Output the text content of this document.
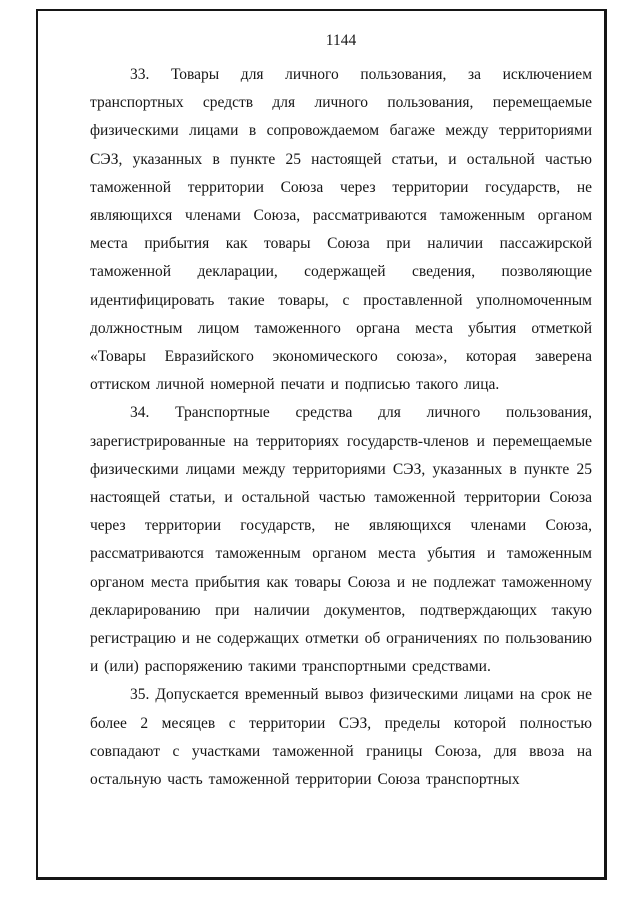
1144

33. Товары для личного пользования, за исключением транспортных средств для личного пользования, перемещаемые физическими лицами в сопровождаемом багаже между территориями СЭЗ, указанных в пункте 25 настоящей статьи, и остальной частью таможенной территории Союза через территории государств, не являющихся членами Союза, рассматриваются таможенным органом места прибытия как товары Союза при наличии пассажирской таможенной декларации, содержащей сведения, позволяющие идентифицировать такие товары, с проставленной уполномоченным должностным лицом таможенного органа места убытия отметкой «Товары Евразийского экономического союза», которая заверена оттиском личной номерной печати и подписью такого лица.

34. Транспортные средства для личного пользования, зарегистрированные на территориях государств-членов и перемещаемые физическими лицами между территориями СЭЗ, указанных в пункте 25 настоящей статьи, и остальной частью таможенной территории Союза через территории государств, не являющихся членами Союза, рассматриваются таможенным органом места убытия и таможенным органом места прибытия как товары Союза и не подлежат таможенному декларированию при наличии документов, подтверждающих такую регистрацию и не содержащих отметки об ограничениях по пользованию и (или) распоряжению такими транспортными средствами.

35. Допускается временный вывоз физическими лицами на срок не более 2 месяцев с территории СЭЗ, пределы которой полностью совпадают с участками таможенной границы Союза, для ввоза на остальную часть таможенной территории Союза транспортных
